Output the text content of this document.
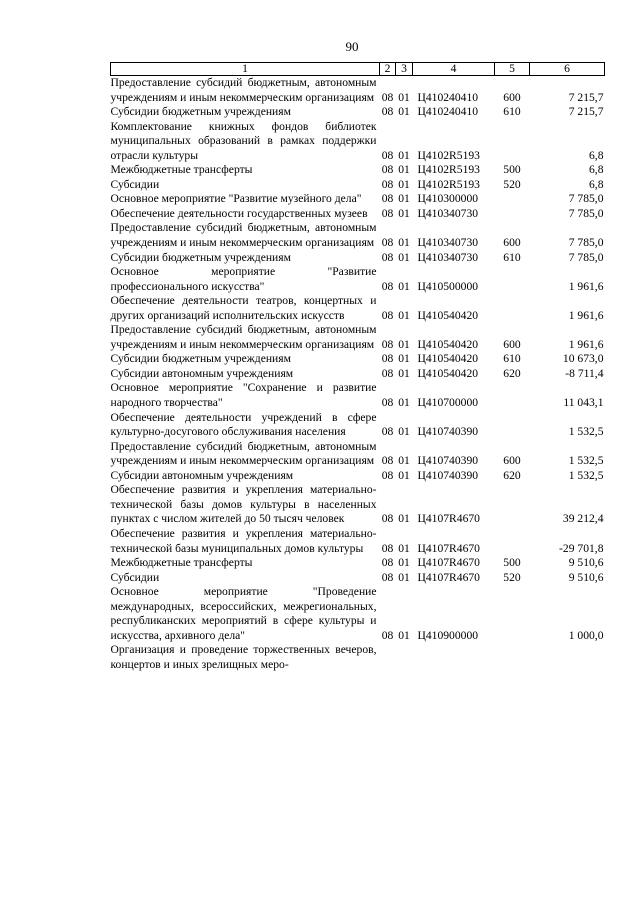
90
1	2	3	4	5	6
Предоставление субсидий бюджетным, автономным учреждениям и иным некоммерческим организациям	08	01	Ц410240410	600	7 215,7
Субсидии бюджетным учреждениям	08	01	Ц410240410	610	7 215,7
Комплектование книжных фондов библиотек муниципальных образований в рамках поддержки отрасли культуры	08	01	Ц4102R5193		6,8
Межбюджетные трансферты	08	01	Ц4102R5193	500	6,8
Субсидии	08	01	Ц4102R5193	520	6,8
Основное мероприятие "Развитие музейного дела"	08	01	Ц410300000		7 785,0
Обеспечение деятельности государственных музеев	08	01	Ц410340730		7 785,0
Предоставление субсидий бюджетным, автономным учреждениям и иным некоммерческим организациям	08	01	Ц410340730	600	7 785,0
Субсидии бюджетным учреждениям	08	01	Ц410340730	610	7 785,0
Основное мероприятие "Развитие профессионального искусства"	08	01	Ц410500000		1 961,6
Обеспечение деятельности театров, концертных и других организаций исполнительских искусств	08	01	Ц410540420		1 961,6
Предоставление субсидий бюджетным, автономным учреждениям и иным некоммерческим организациям	08	01	Ц410540420	600	1 961,6
Субсидии бюджетным учреждениям	08	01	Ц410540420	610	10 673,0
Субсидии автономным учреждениям	08	01	Ц410540420	620	-8 711,4
Основное мероприятие "Сохранение и развитие народного творчества"	08	01	Ц410700000		11 043,1
Обеспечение деятельности учреждений в сфере культурно-досугового обслуживания населения	08	01	Ц410740390		1 532,5
Предоставление субсидий бюджетным, автономным учреждениям и иным некоммерческим организациям	08	01	Ц410740390	600	1 532,5
Субсидии автономным учреждениям	08	01	Ц410740390	620	1 532,5
Обеспечение развития и укрепления материально-технической базы домов культуры в населенных пунктах с числом жителей до 50 тысяч человек	08	01	Ц4107R4670		39 212,4
Обеспечение развития и укрепления материально-технической базы муниципальных домов культуры	08	01	Ц4107R4670		-29 701,8
Межбюджетные трансферты	08	01	Ц4107R4670	500	9 510,6
Субсидии	08	01	Ц4107R4670	520	9 510,6
Основное мероприятие "Проведение международных, всероссийских, межрегиональных, республиканских мероприятий в сфере культуры и искусства, архивного дела"	08	01	Ц410900000		1 000,0
Организация и проведение торжественных вечеров, концертов и иных зрелищных меро-					
